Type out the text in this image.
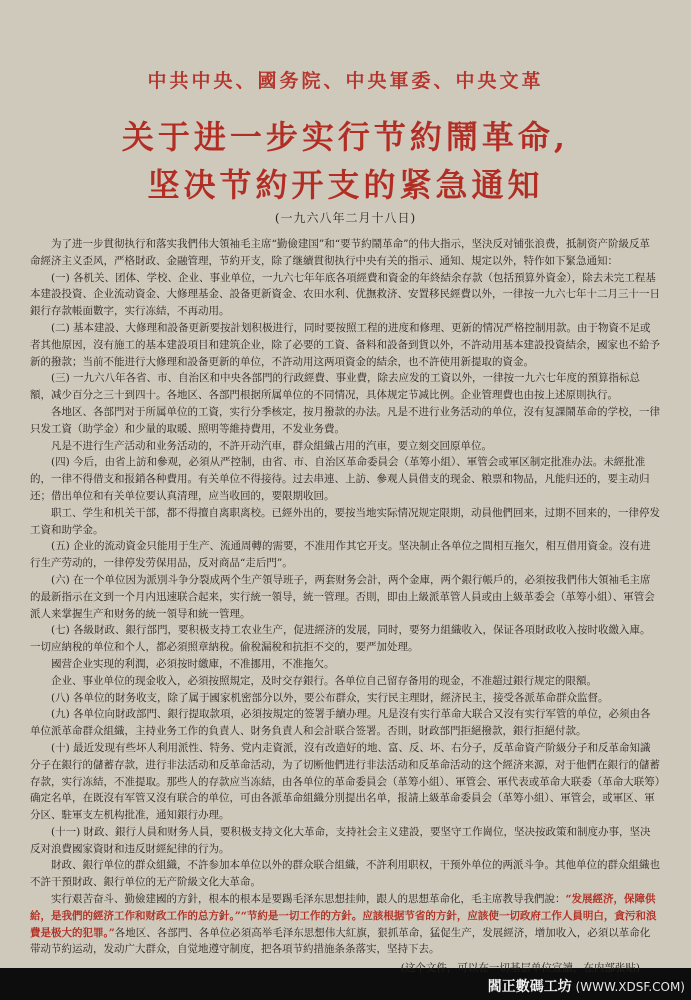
中共中央、國务院、中央軍委、中央文革
关于进一步实行节約鬧革命,
坚决节約开支的紧急通知
(一九六八年二月十八日)

为了进一步貫彻执行和落实我們伟大領袖毛主席“勤儉建国”和“要节約鬧革命”的伟大指示，坚決反对铺张浪费，抵制资产阶級反革命經济主义歪风，严格財政、金融管理，节約开支，除了继續貫彻执行中央有关的指示、通知、規定以外，特作如下緊急通知：

(一) 各机关、团体、学校、企业、事业单位，一九六七年年底各項經費和資金的年終結余存款（包括預算外資金），除去未完工程基本建設投資、企业流动資金、大修理基金、設备更新資金、农田水利、优撫救济、安置移民經費以外，一律按一九六七年十二月三十一日銀行存款帳面數字，实行冻結，不再动用。

(二) 基本建設、大修理和設备更新要按計划积极进行，同时要按照工程的进度和修理、更新的情况严格控制用款。由于物資不足或者其他原因，沒有施工的基本建設項目和建筑企业，除了必要的工資、备料和設备到貨以外，不許动用基本建設投資結余，國家也不給予新的撥款；当前不能进行大修理和設备更新的单位，不許动用这两項資金的結余，也不許使用新提取的資金。

(三) 一九六八年各省、市、自治区和中央各部門的行政經費、事业費，除去应发的工資以外，一律按一九六七年度的預算指标总額，减少百分之三十到四十。各地区、各部門根据所属单位的不同情况，具体规定节减比例。企业管理費也由按上述原則执行。

各地区、各部門对于所属单位的工資，实行分季核定，按月撥款的办法。凡是不进行业务活动的单位，沒有复課鬧革命的学校，一律只发工資（助学金）和少量的取暖、照明等維持費用，不发业务費。

凡是不进行生产活动和业务活动的，不許开动汽車，群众組織占用的汽車，要立刻交回原单位。

(四) 今后，由省上訪和參观，必須从严控制，由省、市、自治区革命委員会（革筹小組）、軍管会或軍区制定批准办法。未經批准的，一律不得借支和报銷各种費用。有关单位不得接待。过去串連、上訪、參观人員借支的现金、粮票和物品，凡能归还的，要主动归还；借出单位和有关单位要认真清理，应当收回的，要限期收回。

职工、学生和机关干部，都不得擅自离职离校。已經外出的，要按当地实际情况规定限期，动員他們回来，过期不回来的，一律停发工資和助学金。

(五) 企业的流动資金只能用于生产、流通周轉的需要，不准用作其它开支。坚决制止各单位之間相互拖欠，相互借用資金。沒有进行生产劳动的，一律停发劳保用品，反对商品“走后門”。

(六) 在一个单位因为派別斗争分裂成两个生产領导班子，两套财务会計，两个金庫，两个銀行帳戶的，必須按我們伟大領袖毛主席的最新指示在文到一个月内迅速联合起来，实行統一領导，統一管理。否則，即由上級派革管人員或由上級革委会（革筹小組）、軍管会派人来掌握生产和财务的統一領导和統一管理。

(七) 各級財政、銀行部門，要积极支持工农业生产，促进經济的发展，同时，要努力組織收入，保证各項財政收入按时收繳入庫。一切应納稅的单位和个人，都必須照章納稅。偷稅漏稅和抗拒不交的，要严加处理。

國营企业实现的利潤，必須按时繳庫，不准挪用，不准拖欠。

企业、事业单位的现金收入，必須按照規定，及时交存銀行。各单位自己留存备用的现金，不准超过銀行规定的限額。

(八) 各单位的財务收支，除了属于國家机密部分以外，要公布群众，实行民主理財，經济民主，接受各派革命群众监督。

(九) 各单位向財政部門、銀行提取款項，必須按規定的签署手續办理。凡是沒有实行革命大联合又沒有实行军管的单位，必须由各单位派革命群众組織，主持业务工作的負責人、財务負責人和会計联合签署。否則，財政部門拒絕撥款，銀行拒絕付款。

(十) 最近发现有些坏人利用派性、特务、党内走資派，沒有改造好的地、富、反、坏、右分子，反革命資产阶級分子和反革命知識分子在銀行的儲蓄存款，进行非法活动和反革命活动，为了切断他們进行非法活动和反革命活动的这个經济来源，对于他們在銀行的儲蓄存款，实行冻結，不准提取。那些人的存款应当冻結，由各单位的革命委員会（革筹小組）、軍管会、軍代表或革命大联委（革命大联筹）确定名单，在既沒有军管又沒有联合的单位，可由各派革命組織分別提出名单，报請上級革命委員会（革筹小組）、軍管会，或軍区、軍分区、駐軍支左机构批准，通知銀行办理。

(十一) 財政、銀行人員和财务人員，要积极支持文化大革命，支持社会主义建設，要坚守工作崗位，坚决按政策和制度办事，坚决反对浪費國家資財和违反財經紀律的行为。

財政、銀行单位的群众組織，不許参加本单位以外的群众联合組織，不許利用职权，干预外单位的两派斗争。其他单位的群众組織也不許干預財政、銀行单位的无产阶級文化大革命。

实行艰苦奋斗、勤儉建國的方針，根本的根本是要踢毛泽东思想挂帅，跟人的思想革命化，毛主席教导我們說：“发展經济，保障供給，是我們的經济工作和财政工作的总方針。”“节約是一切工作的方針。应該根据节省的方針，应該使一切政府工作人員明白，貪污和浪費是极大的犯罪。”各地区、各部門、各单位必須高举毛泽东思想伟大紅旗，狠抓革命，猛促生产，发展經济，增加收入，必須以革命化带动节約运动，发动广大群众，自觉地遵守制度，把各項节約措施条条落实，坚持下去。

(这个文件，可以在一切基层单位宣讀，在内部张贴)

閻正數碼工坊 (WWW.XDSF.COM)
